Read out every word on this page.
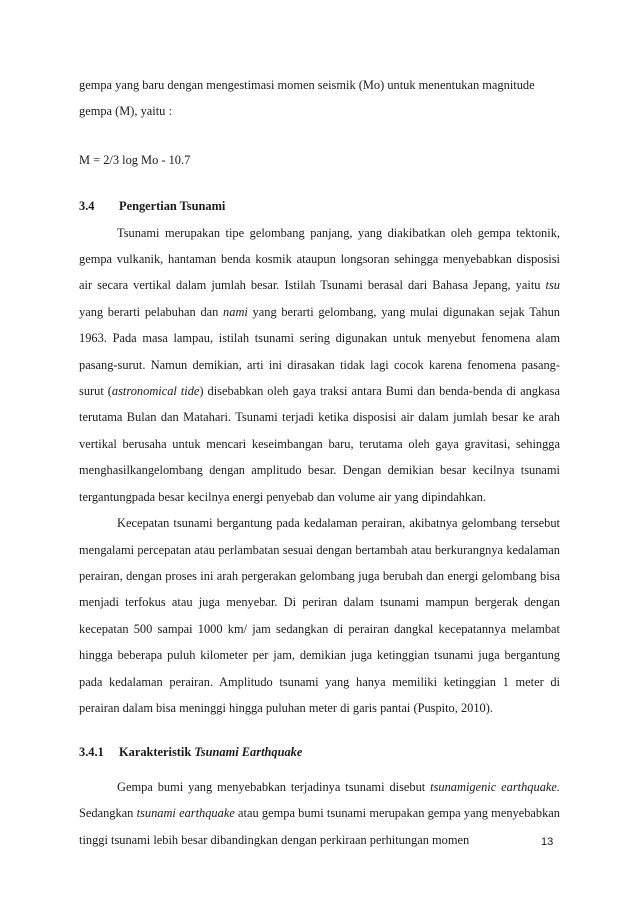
gempa yang baru dengan mengestimasi momen seismik (Mo) untuk menentukan magnitude
gempa (M), yaitu :

M = 2/3 log Mo - 10.7

3.4	Pengertian Tsunami

Tsunami merupakan tipe gelombang panjang, yang diakibatkan oleh gempa tektonik, gempa vulkanik, hantaman benda kosmik ataupun longsoran sehingga menyebabkan disposisi air secara vertikal dalam jumlah besar. Istilah Tsunami berasal dari Bahasa Jepang, yaitu tsu yang berarti pelabuhan dan nami yang berarti gelombang, yang mulai digunakan sejak Tahun 1963. Pada masa lampau, istilah tsunami sering digunakan untuk menyebut fenomena alam pasang-surut. Namun demikian, arti ini dirasakan tidak lagi cocok karena fenomena pasang-surut (astronomical tide) disebabkan oleh gaya traksi antara Bumi dan benda-benda di angkasa terutama Bulan dan Matahari. Tsunami terjadi ketika disposisi air dalam jumlah besar ke arah vertikal berusaha untuk mencari keseimbangan baru, terutama oleh gaya gravitasi, sehingga menghasilkangelombang dengan amplitudo besar. Dengan demikian besar kecilnya tsunami tergantungpada besar kecilnya energi penyebab dan volume air yang dipindahkan.

Kecepatan tsunami bergantung pada kedalaman perairan, akibatnya gelombang tersebut mengalami percepatan atau perlambatan sesuai dengan bertambah atau berkurangnya kedalaman perairan, dengan proses ini arah pergerakan gelombang juga berubah dan energi gelombang bisa menjadi terfokus atau juga menyebar. Di periran dalam tsunami mampun bergerak dengan kecepatan 500 sampai 1000 km/ jam sedangkan di perairan dangkal kecepatannya melambat hingga beberapa puluh kilometer per jam, demikian juga ketinggian tsunami juga bergantung pada kedalaman perairan. Amplitudo tsunami yang hanya memiliki ketinggian 1 meter di perairan dalam bisa meninggi hingga puluhan meter di garis pantai (Puspito, 2010).

3.4.1	Karakteristik Tsunami Earthquake

Gempa bumi yang menyebabkan terjadinya tsunami disebut tsunamigenic earthquake. Sedangkan tsunami earthquake atau gempa bumi tsunami merupakan gempa yang menyebabkan tinggi tsunami lebih besar dibandingkan dengan perkiraan perhitungan momen	13
